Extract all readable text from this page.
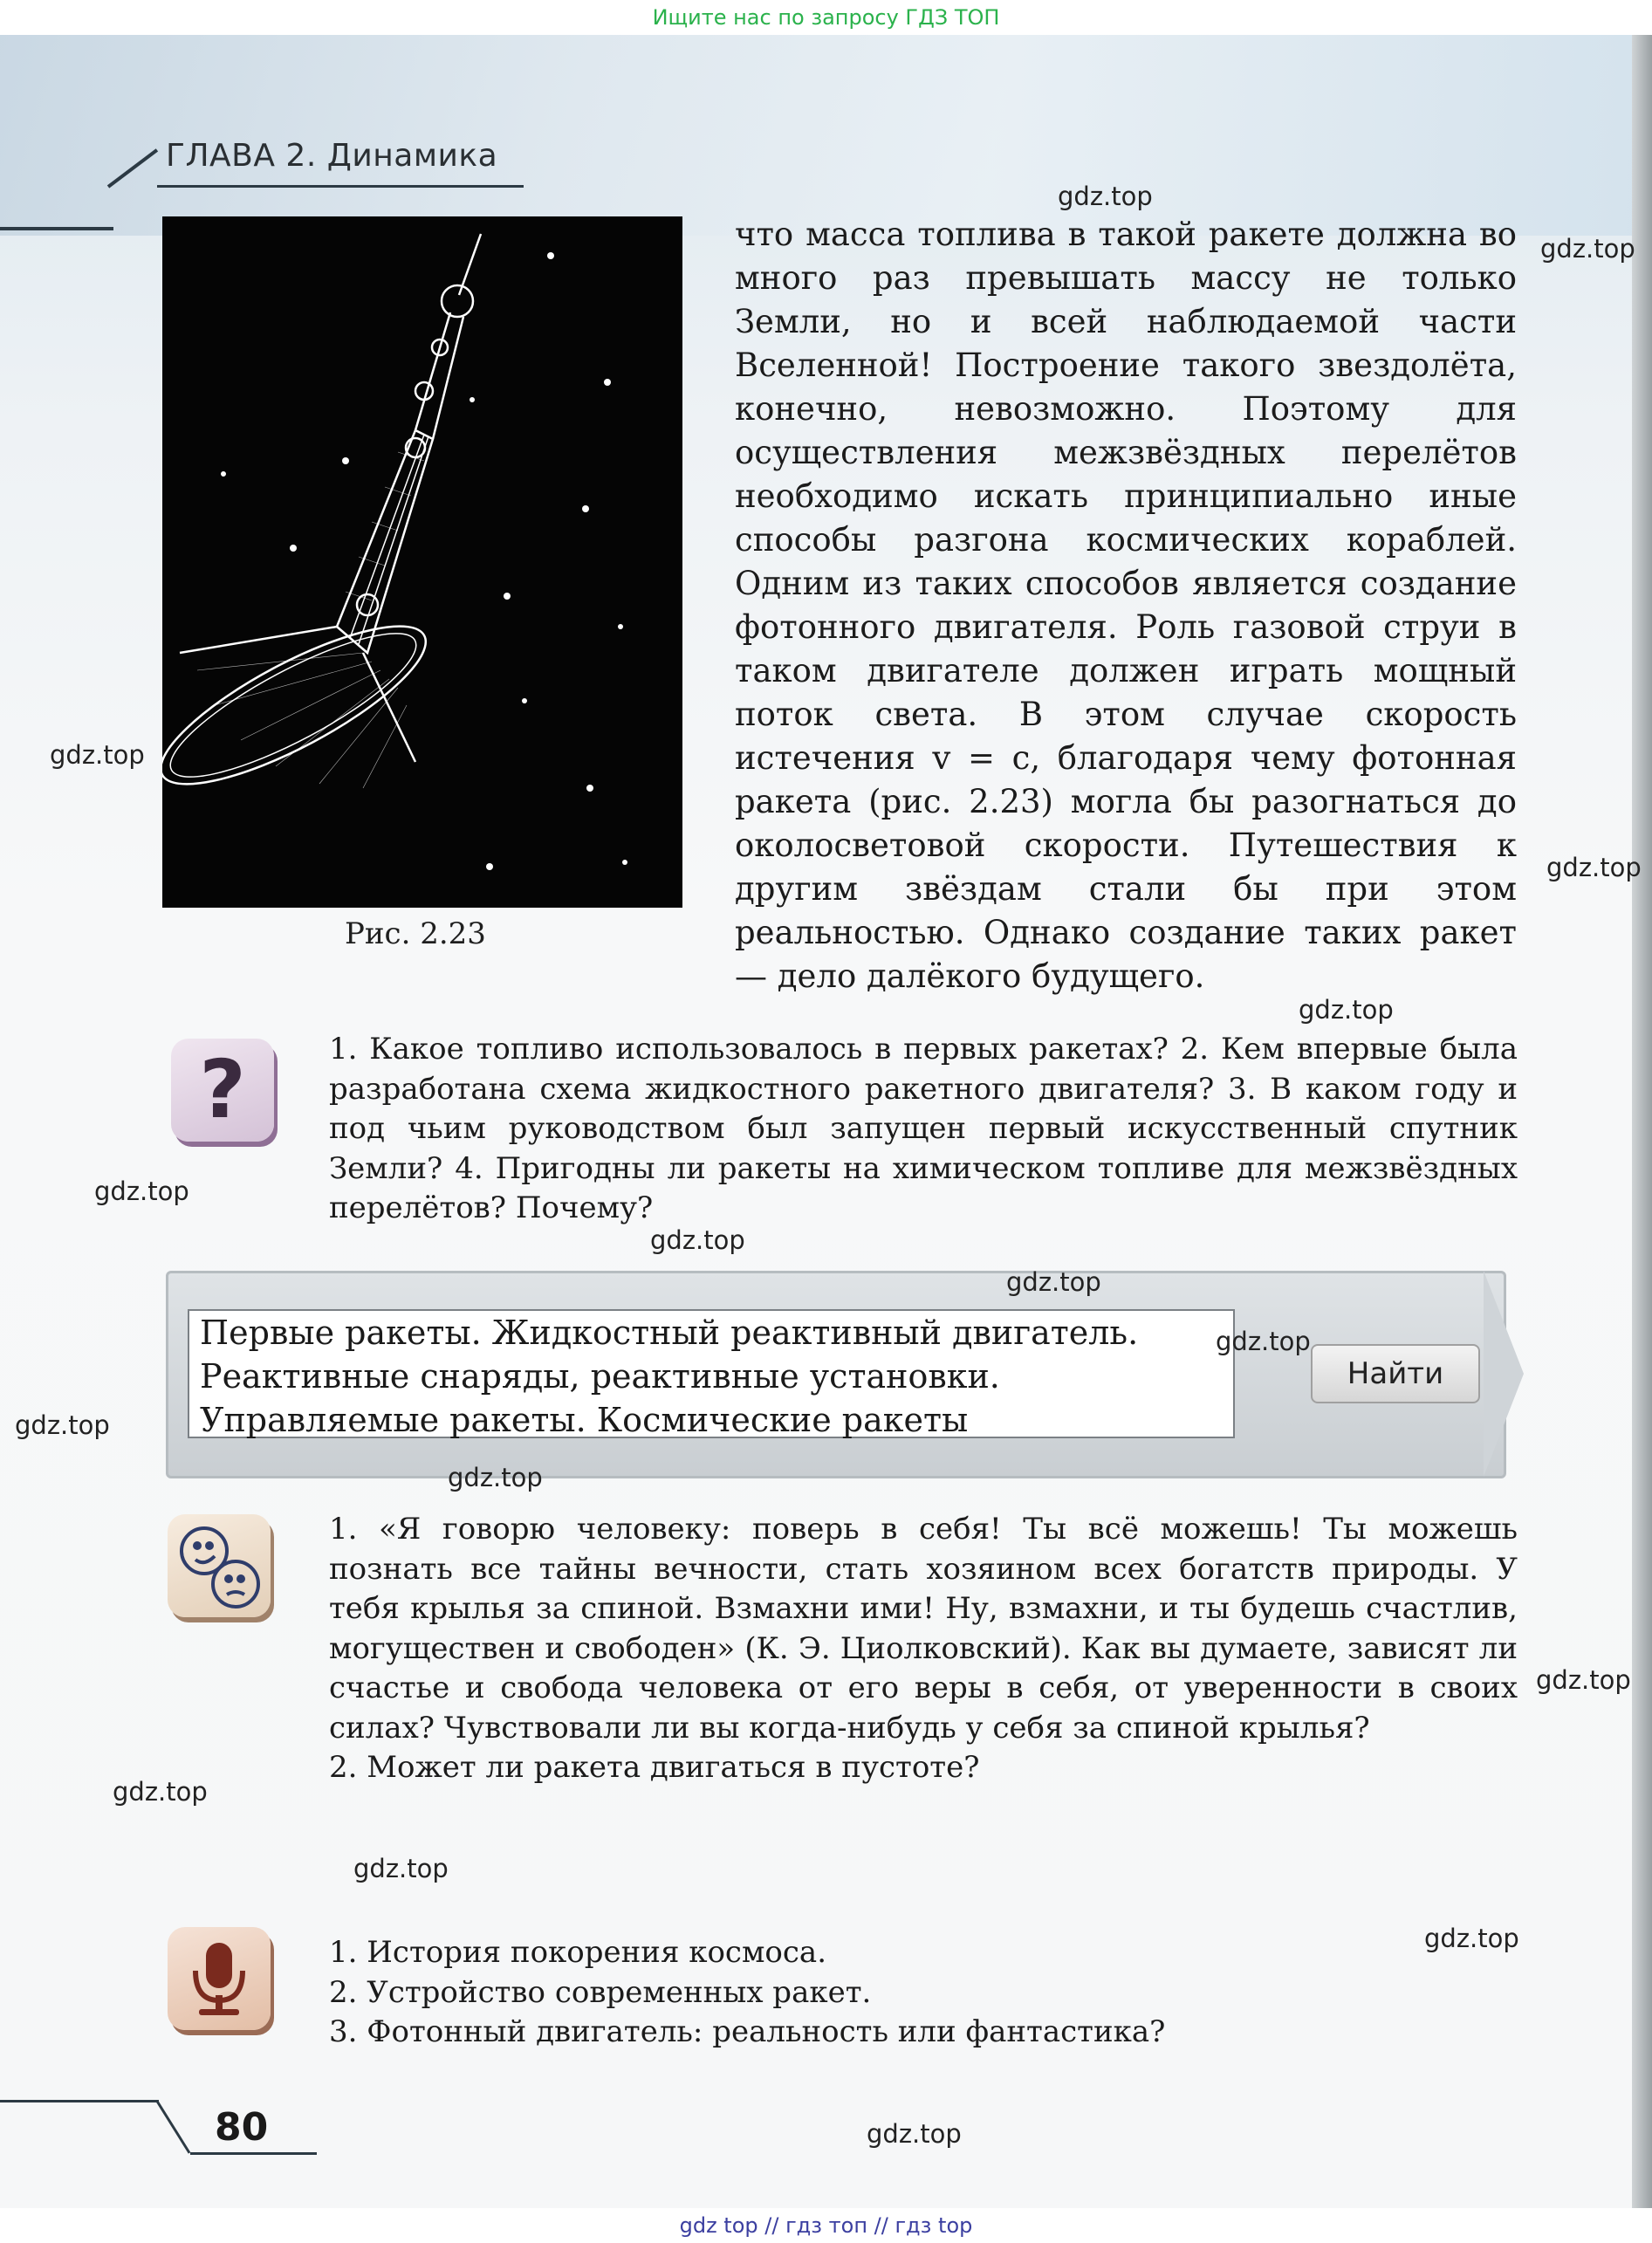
Ищите нас по запросу ГДЗ ТОП
ГЛАВА 2. Динамика
Рис. 2.23
что масса топлива в такой ракете должна во много раз превышать массу не только Земли, но и всей наблюдаемой части Вселенной! Построение такого звездолёта, конечно, невозможно. Поэтому для осуществления межзвёздных перелётов необходимо искать принципиально иные способы разгона космических кораблей. Одним из таких способов является создание фотонного двигателя. Роль газовой струи в таком двигателе должен играть мощный поток света. В этом случае скорость истечения v = c, благодаря чему фотонная ракета (рис. 2.23) могла бы разогнаться до околосветовой скорости. Путешествия к другим звёздам стали бы при этом реальностью. Однако создание таких ракет — дело далёкого будущего.
?	1. Какое топливо использовалось в первых ракетах? 2. Кем впервые была разработана схема жидкостного ракетного двигателя? 3. В каком году и под чьим руководством был запущен первый искусственный спутник Земли? 4. Пригодны ли ракеты на химическом топливе для межзвёздных перелётов? Почему?
Первые ракеты. Жидкостный реактивный двигатель.
Реактивные снаряды, реактивные установки.
Управляемые ракеты. Космические ракеты
Найти
1. «Я говорю человеку: поверь в себя! Ты всё можешь! Ты можешь познать все тайны вечности, стать хозяином всех богатств природы. У тебя крылья за спиной. Взмахни ими! Ну, взмахни, и ты будешь счастлив, могуществен и свободен» (К. Э. Циолковский). Как вы думаете, зависят ли счастье и свобода человека от его веры в себя, от уверенности в своих силах? Чувствовали ли вы когда-нибудь у себя за спиной крылья?
2. Может ли ракета двигаться в пустоте?
1. История покорения космоса.
2. Устройство современных ракет.
3. Фотонный двигатель: реальность или фантастика?
80
gdz.top
gdz.top
gdz.top
gdz.top
gdz.top
gdz.top
gdz.top
gdz.top
gdz.top
gdz.top
gdz.top
gdz.top
gdz.top
gdz.top
gdz.top
gdz.top
gdz top // гдз топ // гдз top
